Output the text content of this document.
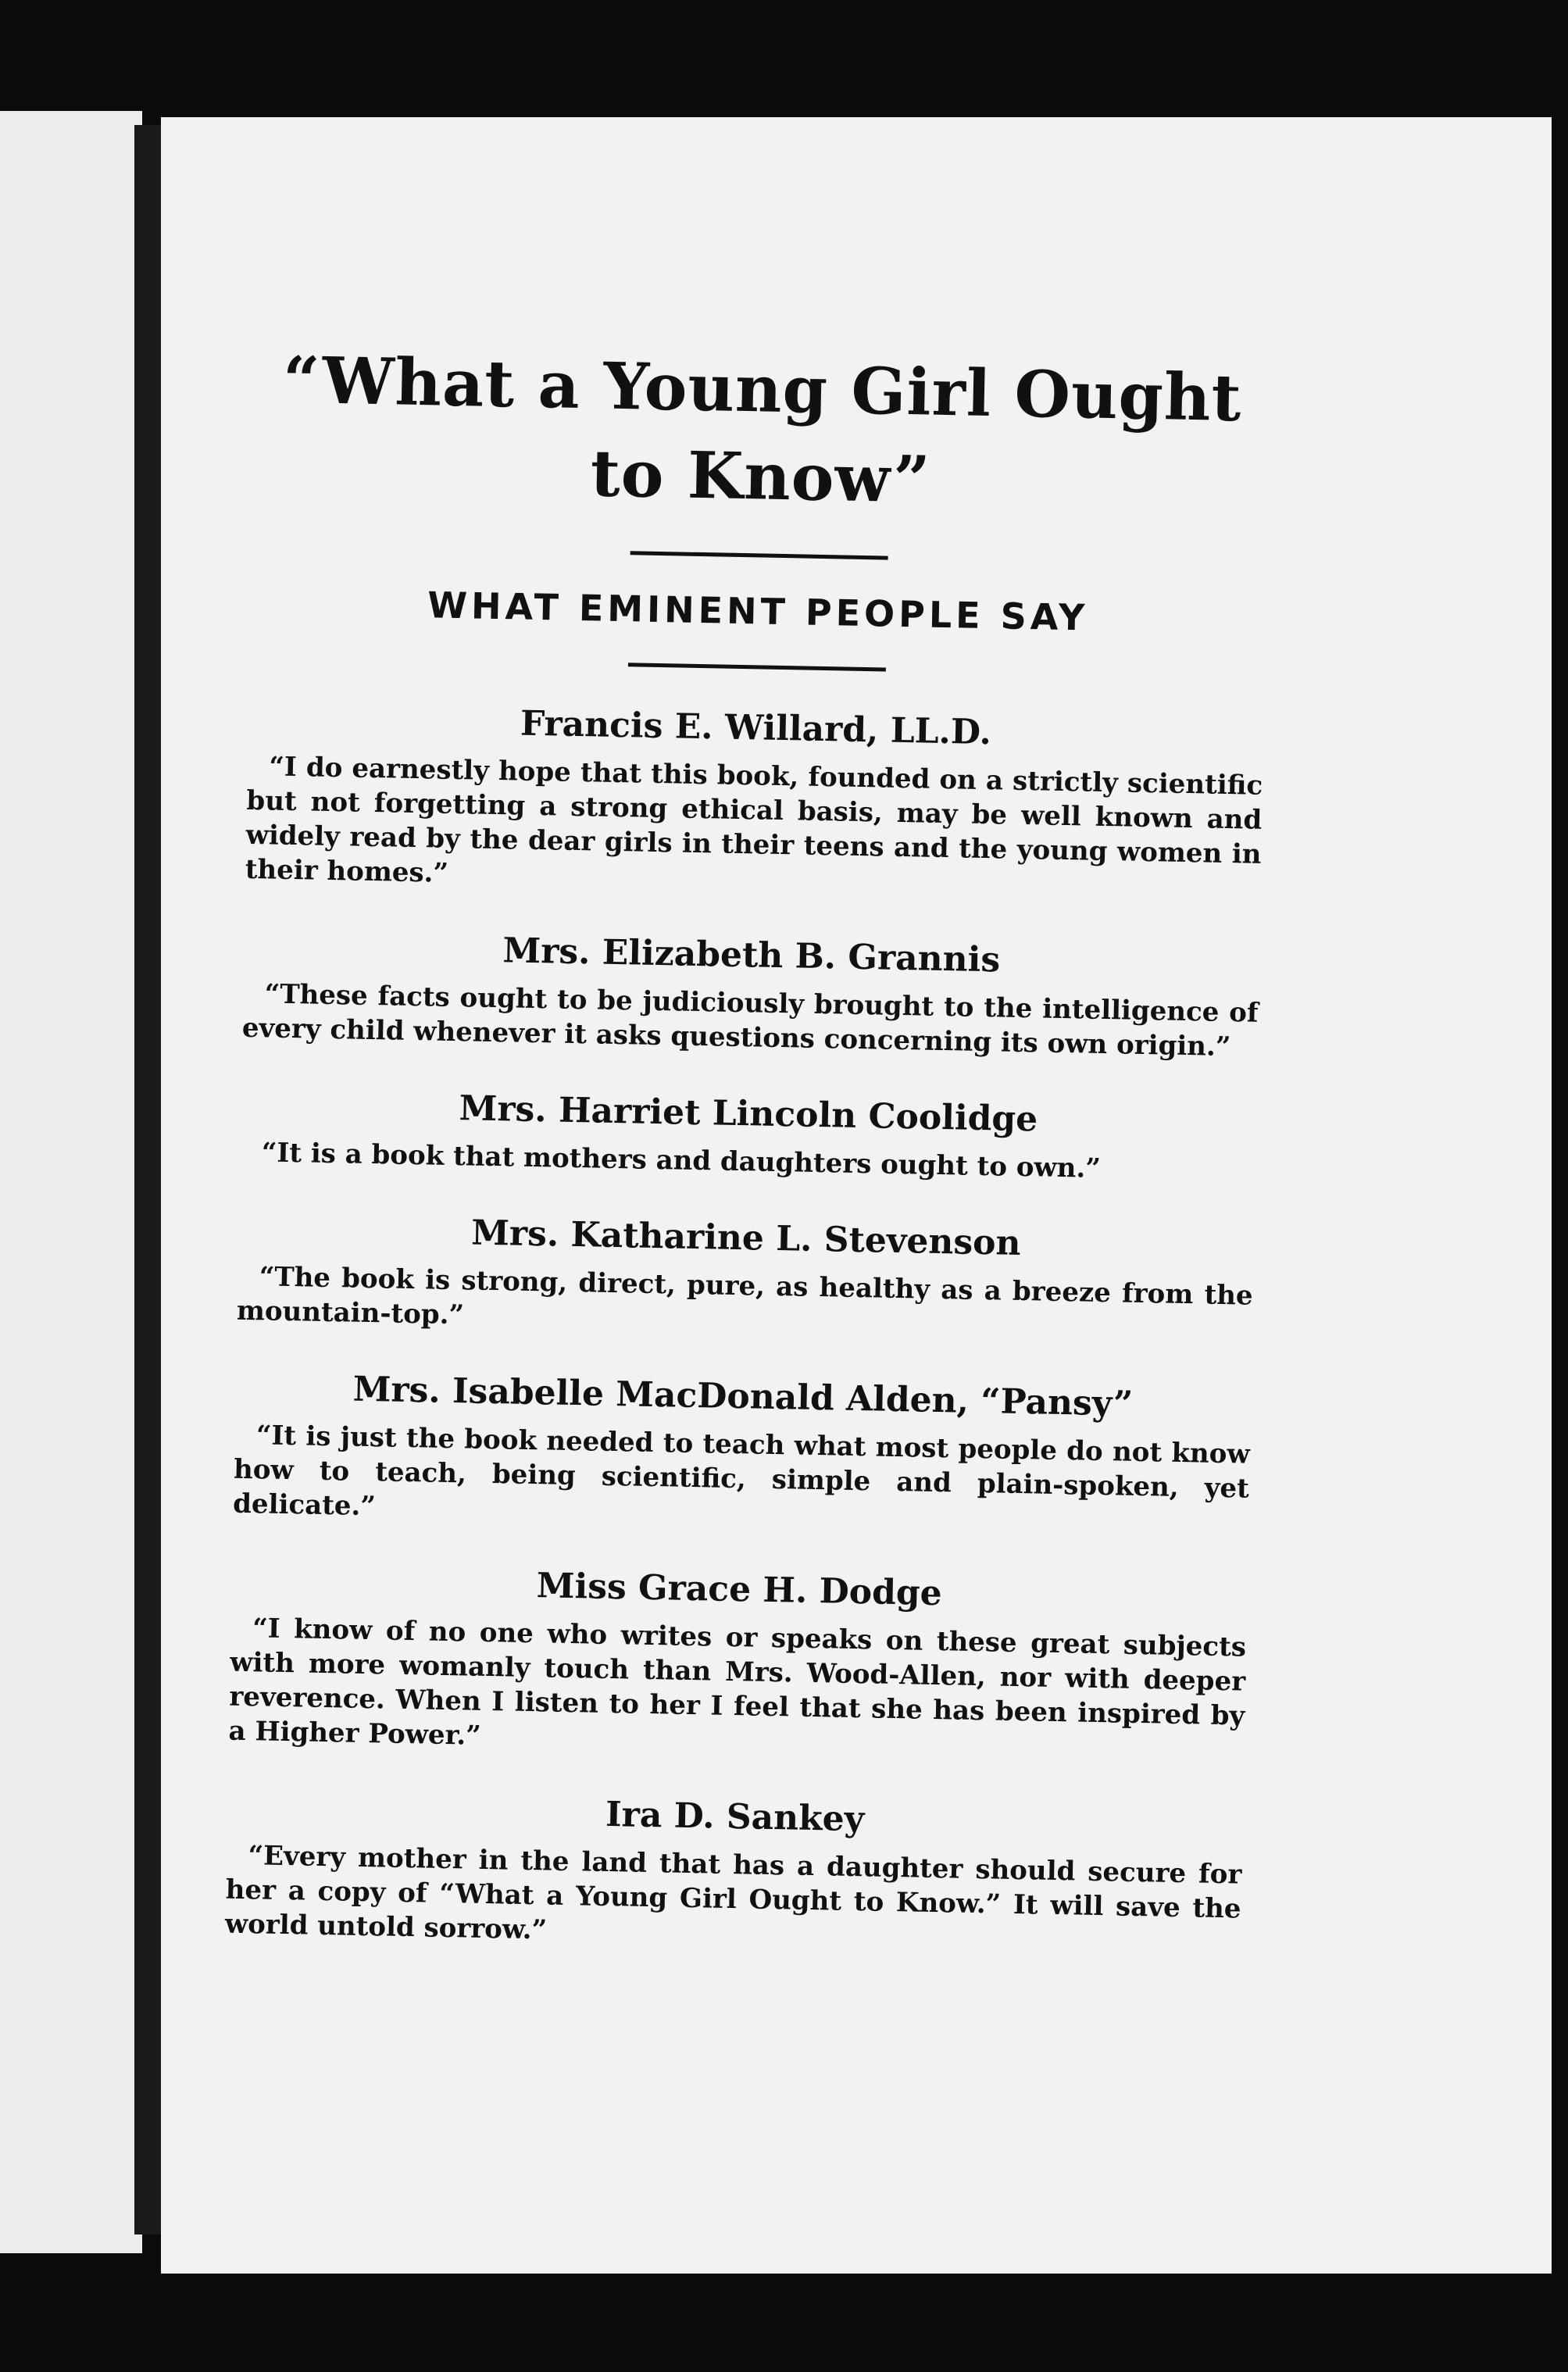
“What a Young Girl Ought to Know”
WHAT EMINENT PEOPLE SAY

Francis E. Willard, LL.D.

“I do earnestly hope that this book, founded on a strictly scientific but not forgetting a strong ethical basis, may be well known and widely read by the dear girls in their teens and the young women in their homes.”

Mrs. Elizabeth B. Grannis

“These facts ought to be judiciously brought to the intelligence of every child whenever it asks questions concerning its own origin.”

Mrs. Harriet Lincoln Coolidge

“It is a book that mothers and daughters ought to own.”

Mrs. Katharine L. Stevenson

“The book is strong, direct, pure, as healthy as a breeze from the mountain-top.”

Mrs. Isabelle MacDonald Alden, “Pansy”

“It is just the book needed to teach what most people do not know how to teach, being scientific, simple and plain-spoken, yet delicate.”

Miss Grace H. Dodge

“I know of no one who writes or speaks on these great subjects with more womanly touch than Mrs. Wood-Allen, nor with deeper reverence. When I listen to her I feel that she has been inspired by a Higher Power.”

Ira D. Sankey

“Every mother in the land that has a daughter should secure for her a copy of “What a Young Girl Ought to Know.” It will save the world untold sorrow.”
